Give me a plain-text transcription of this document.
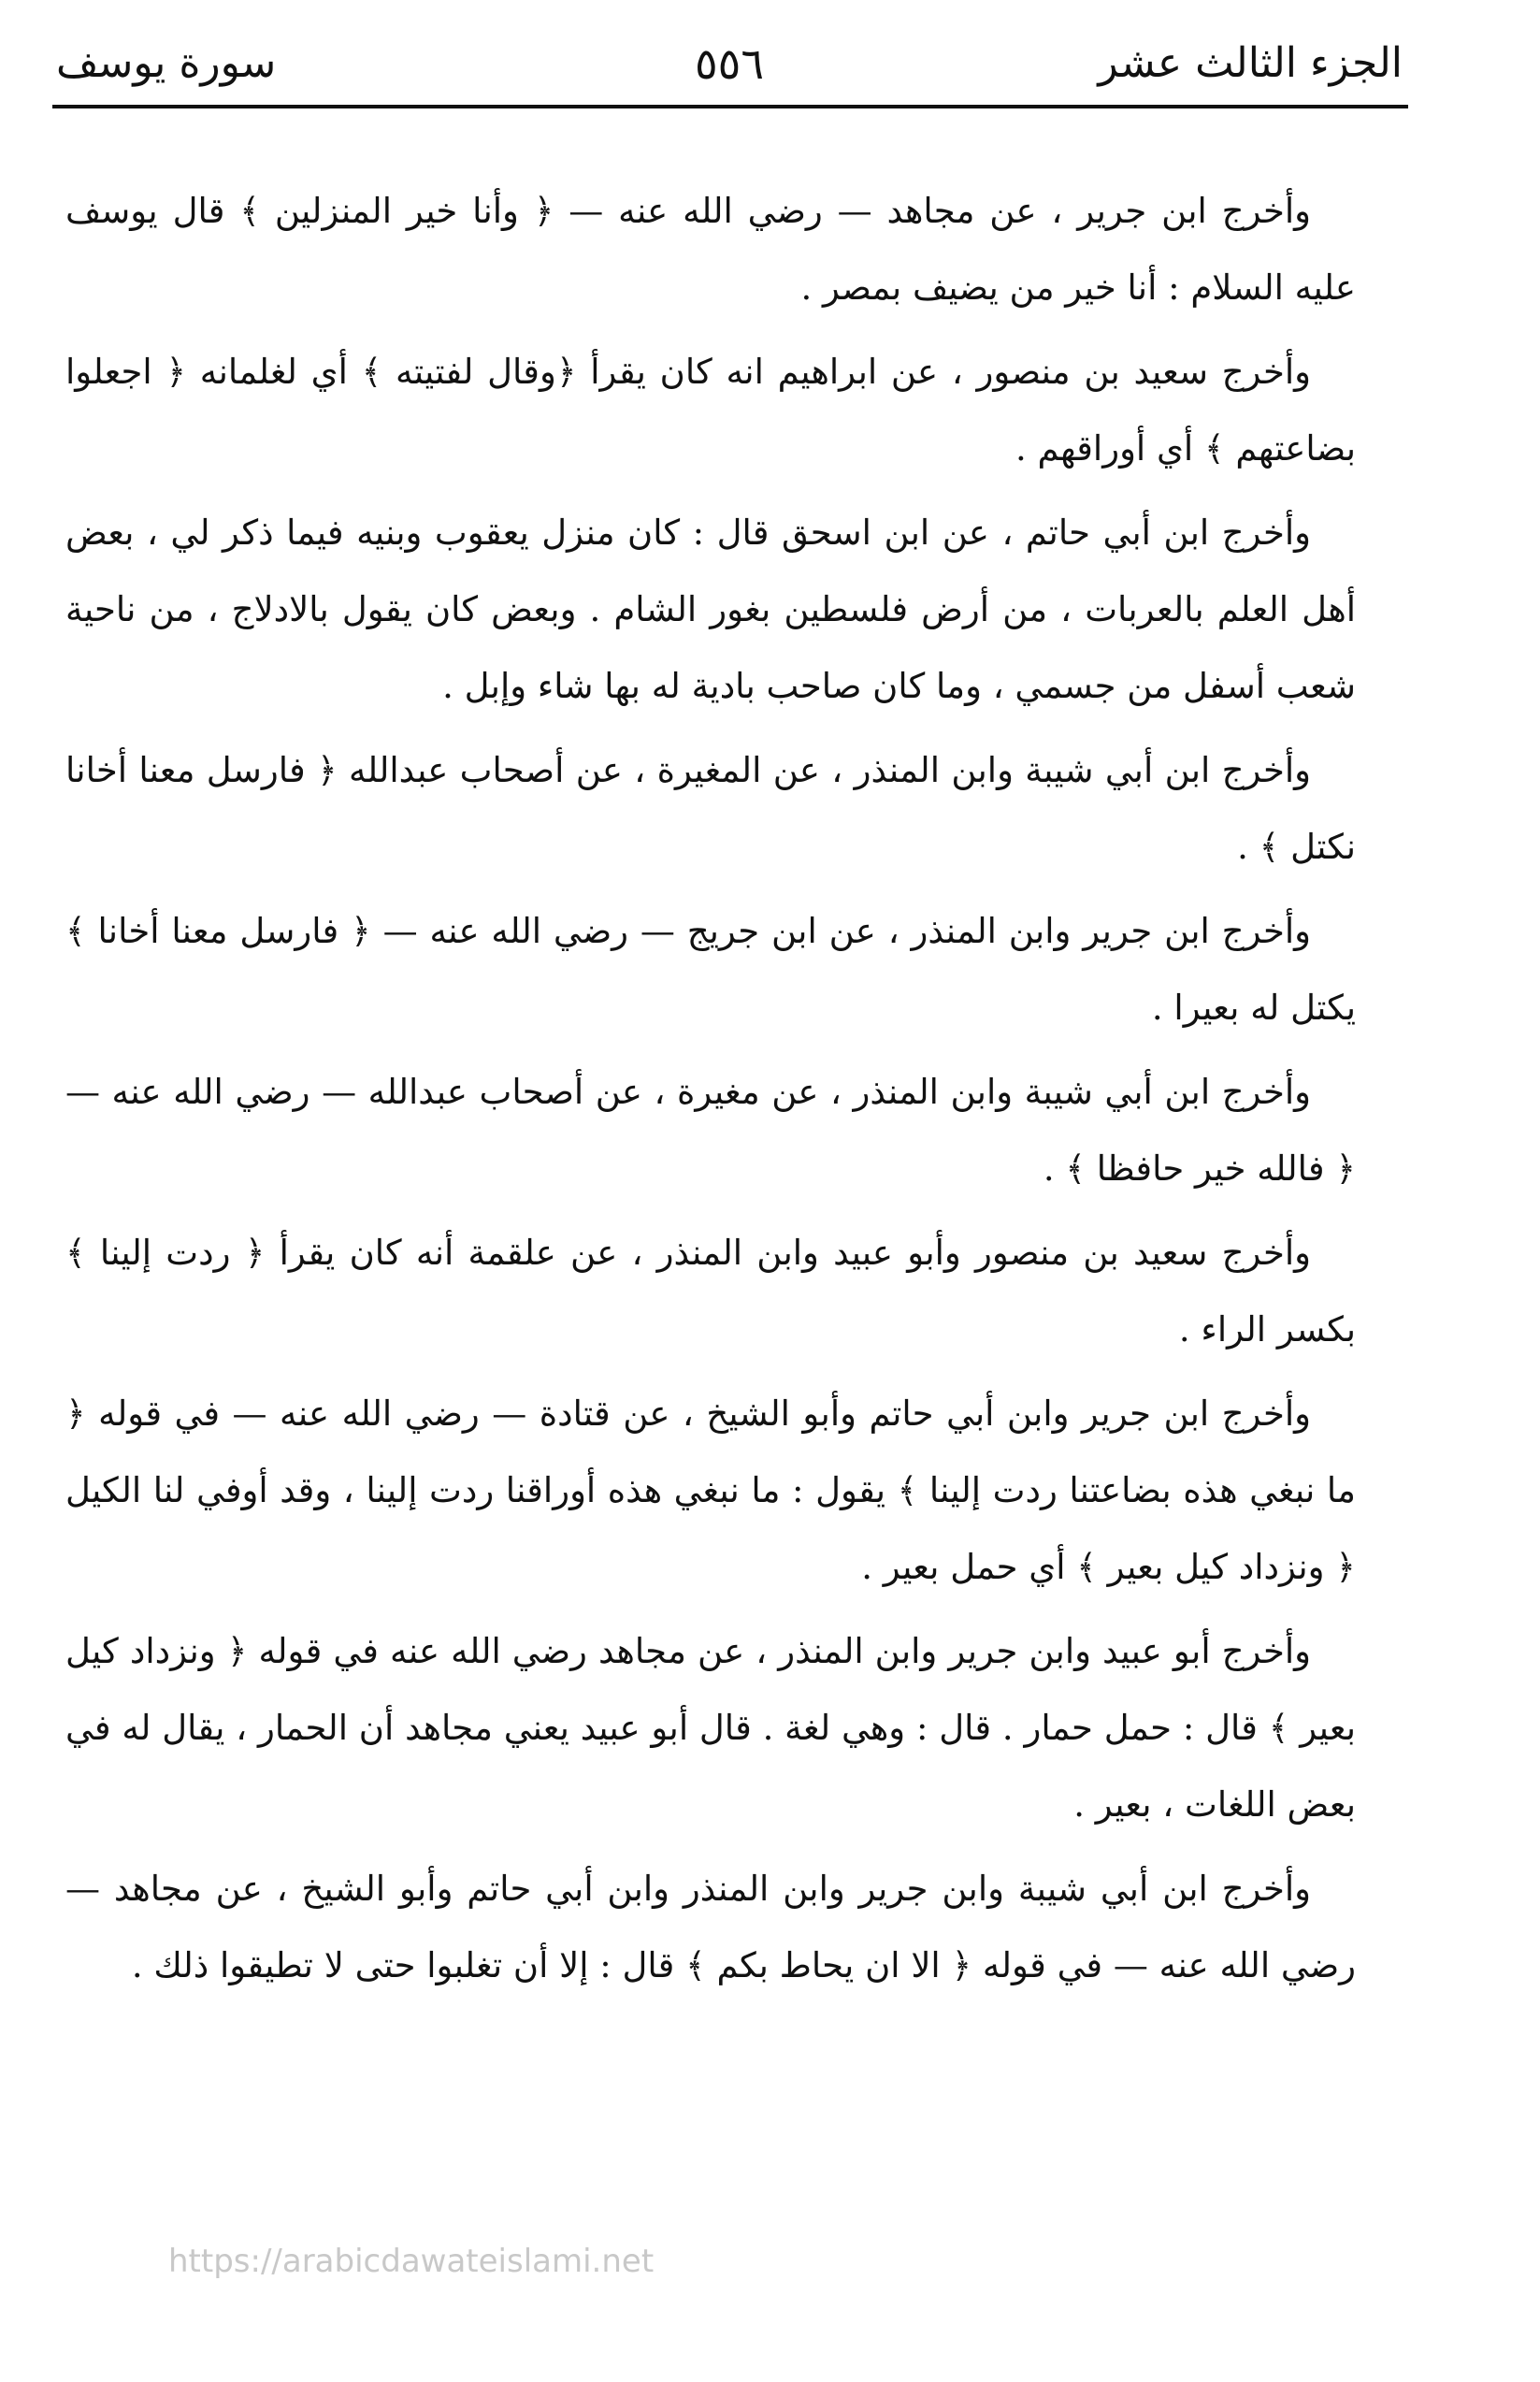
الجزء الثالث عشر
٥٥٦
سورة يوسف

وأخرج ابن جرير ، عن مجاهد — رضي الله عنه — ﴿ وأنا خير المنزلين ﴾ قال يوسف عليه السلام : أنا خير من يضيف بمصر .

وأخرج سعيد بن منصور ، عن ابراهيم انه كان يقرأ ﴿وقال لفتيته ﴾ أي لغلمانه ﴿ اجعلوا بضاعتهم ﴾ أي أوراقهم .

وأخرج ابن أبي حاتم ، عن ابن اسحق قال : كان منزل يعقوب وبنيه فيما ذكر لي ، بعض أهل العلم بالعربات ، من أرض فلسطين بغور الشام . وبعض كان يقول بالادلاج ، من ناحية شعب أسفل من جسمي ، وما كان صاحب بادية له بها شاء وإبل .

وأخرج ابن أبي شيبة وابن المنذر ، عن المغيرة ، عن أصحاب عبدالله ﴿ فارسل معنا أخانا نكتل ﴾ .

وأخرج ابن جرير وابن المنذر ، عن ابن جريج — رضي الله عنه — ﴿ فارسل معنا أخانا ﴾ يكتل له بعيرا .

وأخرج ابن أبي شيبة وابن المنذر ، عن مغيرة ، عن أصحاب عبدالله — رضي الله عنه — ﴿ فالله خير حافظا ﴾ .

وأخرج سعيد بن منصور وأبو عبيد وابن المنذر ، عن علقمة أنه كان يقرأ ﴿ ردت إلينا ﴾ بكسر الراء .

وأخرج ابن جرير وابن أبي حاتم وأبو الشيخ ، عن قتادة — رضي الله عنه — في قوله ﴿ ما نبغي هذه بضاعتنا ردت إلينا ﴾ يقول : ما نبغي هذه أوراقنا ردت إلينا ، وقد أوفي لنا الكيل ﴿ ونزداد كيل بعير ﴾ أي حمل بعير .

وأخرج أبو عبيد وابن جرير وابن المنذر ، عن مجاهد رضي الله عنه في قوله ﴿ ونزداد كيل بعير ﴾ قال : حمل حمار . قال : وهي لغة . قال أبو عبيد يعني مجاهد أن الحمار ، يقال له في بعض اللغات ، بعير .

وأخرج ابن أبي شيبة وابن جرير وابن المنذر وابن أبي حاتم وأبو الشيخ ، عن مجاهد — رضي الله عنه — في قوله ﴿ الا ان يحاط بكم ﴾ قال : إلا أن تغلبوا حتى لا تطيقوا ذلك .

https://arabicdawateislami.net
